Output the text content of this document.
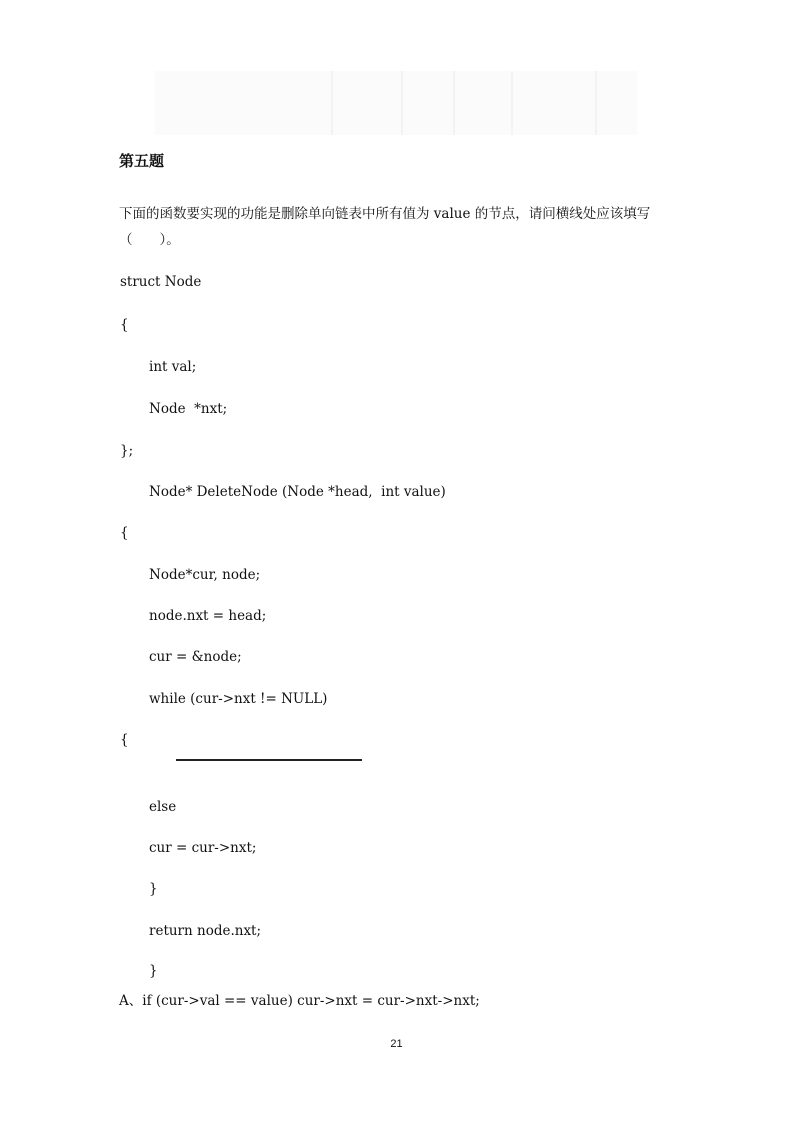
第五题
下面的函数要实现的功能是删除单向链表中所有值为 value 的节点，请问横线处应该填写（　　）。
struct Node
{
int val;
Node  *nxt;
};
Node* DeleteNode (Node *head,  int value)
{
Node*cur, node;
node.nxt = head;
cur = &node;
while (cur->nxt != NULL)
{
else
cur = cur->nxt;
}
return node.nxt;
}
A、if (cur->val == value) cur->nxt = cur->nxt->nxt;
21
